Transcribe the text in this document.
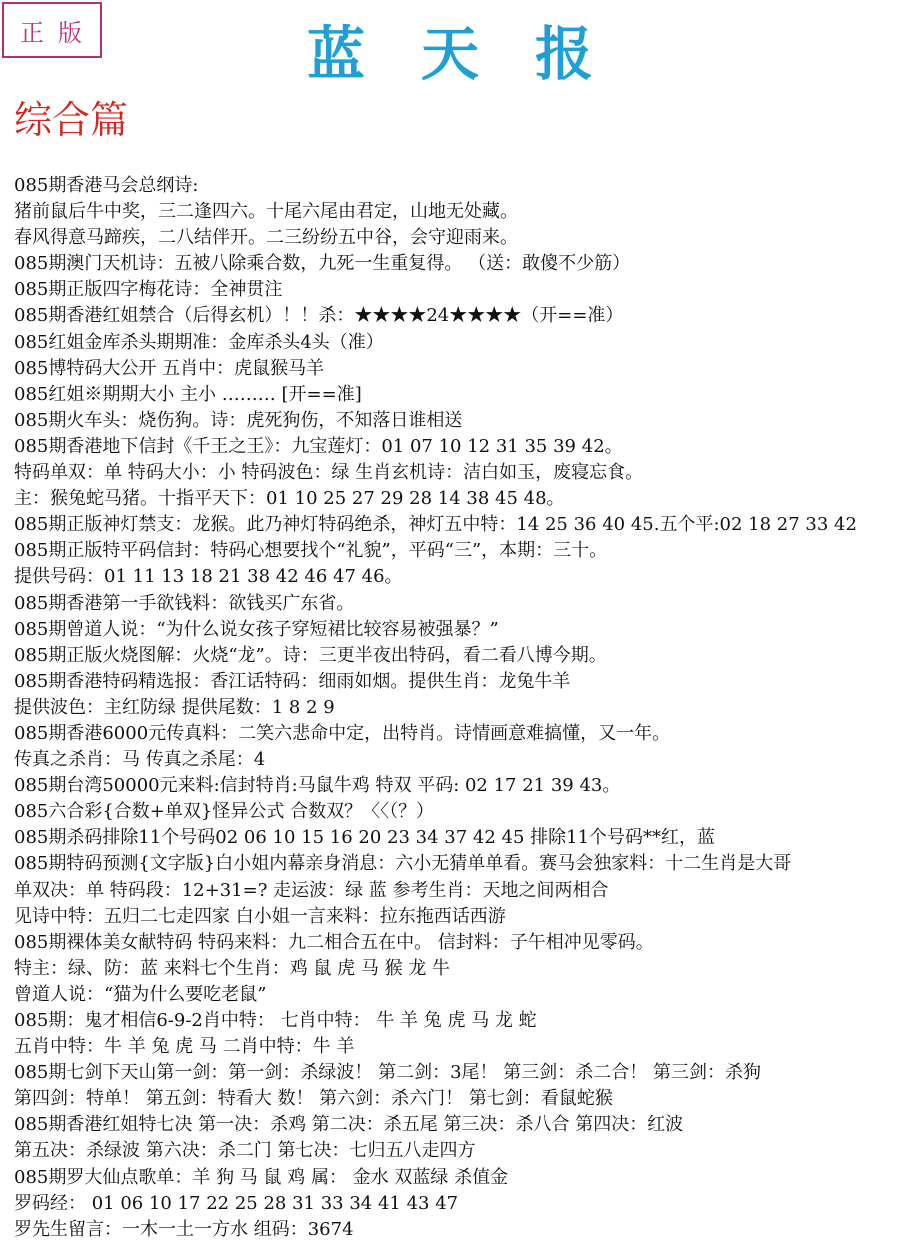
正版	蓝天报
综合篇
085期香港马会总纲诗:
猪前鼠后牛中奖，三二逢四六。十尾六尾由君定，山地无处藏。
春风得意马蹄疾，二八结伴开。二三纷纷五中谷，会守迎雨来。
085期澳门天机诗：五被八除乘合数，九死一生重复得。 （送：敢傻不少筋）
085期正版四字梅花诗：全神贯注
085期香港红姐禁合（后得玄机）！！杀：★★★★24★★★★（开==准）
085红姐金库杀头期期准：金库杀头4头（准）
085博特码大公开 五肖中：虎鼠猴马羊
085红姐※期期大小 主小 ……… [开==准]
085期火车头：烧伤狗。诗：虎死狗伤，不知落日谁相送
085期香港地下信封《千王之王》：九宝莲灯：01 07 10 12 31 35 39 42。
特码单双：单 特码大小：小 特码波色：绿 生肖玄机诗：洁白如玉，废寝忘食。
主：猴兔蛇马猪。十指平天下：01 10 25 27 29 28 14 38 45 48。
085期正版神灯禁支：龙猴。此乃神灯特码绝杀，神灯五中特：14 25 36 40 45.五个平:02 18 27 33 42
085期正版特平码信封：特码心想要找个“礼貌”，平码“三”，本期：三十。
提供号码：01 11 13 18 21 38 42 46 47 46。
085期香港第一手欲钱料：欲钱买广东省。
085期曾道人说：“为什么说女孩子穿短裙比较容易被强暴？”
085期正版火烧图解：火烧“龙”。诗：三更半夜出特码，看二看八博今期。
085期香港特码精选报：香江话特码：细雨如烟。提供生肖：龙兔牛羊
提供波色：主红防绿 提供尾数：1 8 2 9
085期香港6000元传真料：二笑六悲命中定，出特肖。诗情画意难搞懂，又一年。
传真之杀肖：马 传真之杀尾：4
085期台湾50000元来料:信封特肖:马鼠牛鸡 特双 平码: 02 17 21 39 43。
085六合彩{合数+单双}怪异公式 合数双？〈〈（？）
085期杀码排除11个号码02 06 10 15 16 20 23 34 37 42 45 排除11个号码**红，蓝
085期特码预测{文字版}白小姐内幕亲身消息：六小无猜单单看。赛马会独家料：十二生肖是大哥
单双决：单 特码段：12+31=? 走运波：绿 蓝 参考生肖：天地之间两相合
见诗中特：五归二七走四家 白小姐一言来料：拉东拖西话西游
085期裸体美女献特码 特码来料：九二相合五在中。 信封料：子午相冲见零码。
特主：绿、防：蓝 来料七个生肖：鸡 鼠 虎 马 猴 龙 牛
曾道人说：“猫为什么要吃老鼠”
085期：鬼才相信6-9-2肖中特： 七肖中特： 牛 羊 兔 虎 马 龙 蛇
五肖中特：牛 羊 兔 虎 马 二肖中特：牛 羊
085期七剑下天山第一剑：第一剑：杀绿波！ 第二剑：3尾！ 第三剑：杀二合！ 第三剑：杀狗
第四剑：特单！ 第五剑：特看大 数！ 第六剑：杀六门！ 第七剑：看鼠蛇猴
085期香港红姐特七决 第一决：杀鸡 第二决：杀五尾 第三决：杀八合 第四决：红波
第五决：杀绿波 第六决：杀二门 第七决：七归五八走四方
085期罗大仙点歌单：羊 狗 马 鼠 鸡 属： 金水 双蓝绿 杀值金
罗码经： 01 06 10 17 22 25 28 31 33 34 41 43 47
罗先生留言：一木一土一方水 组码：3674
